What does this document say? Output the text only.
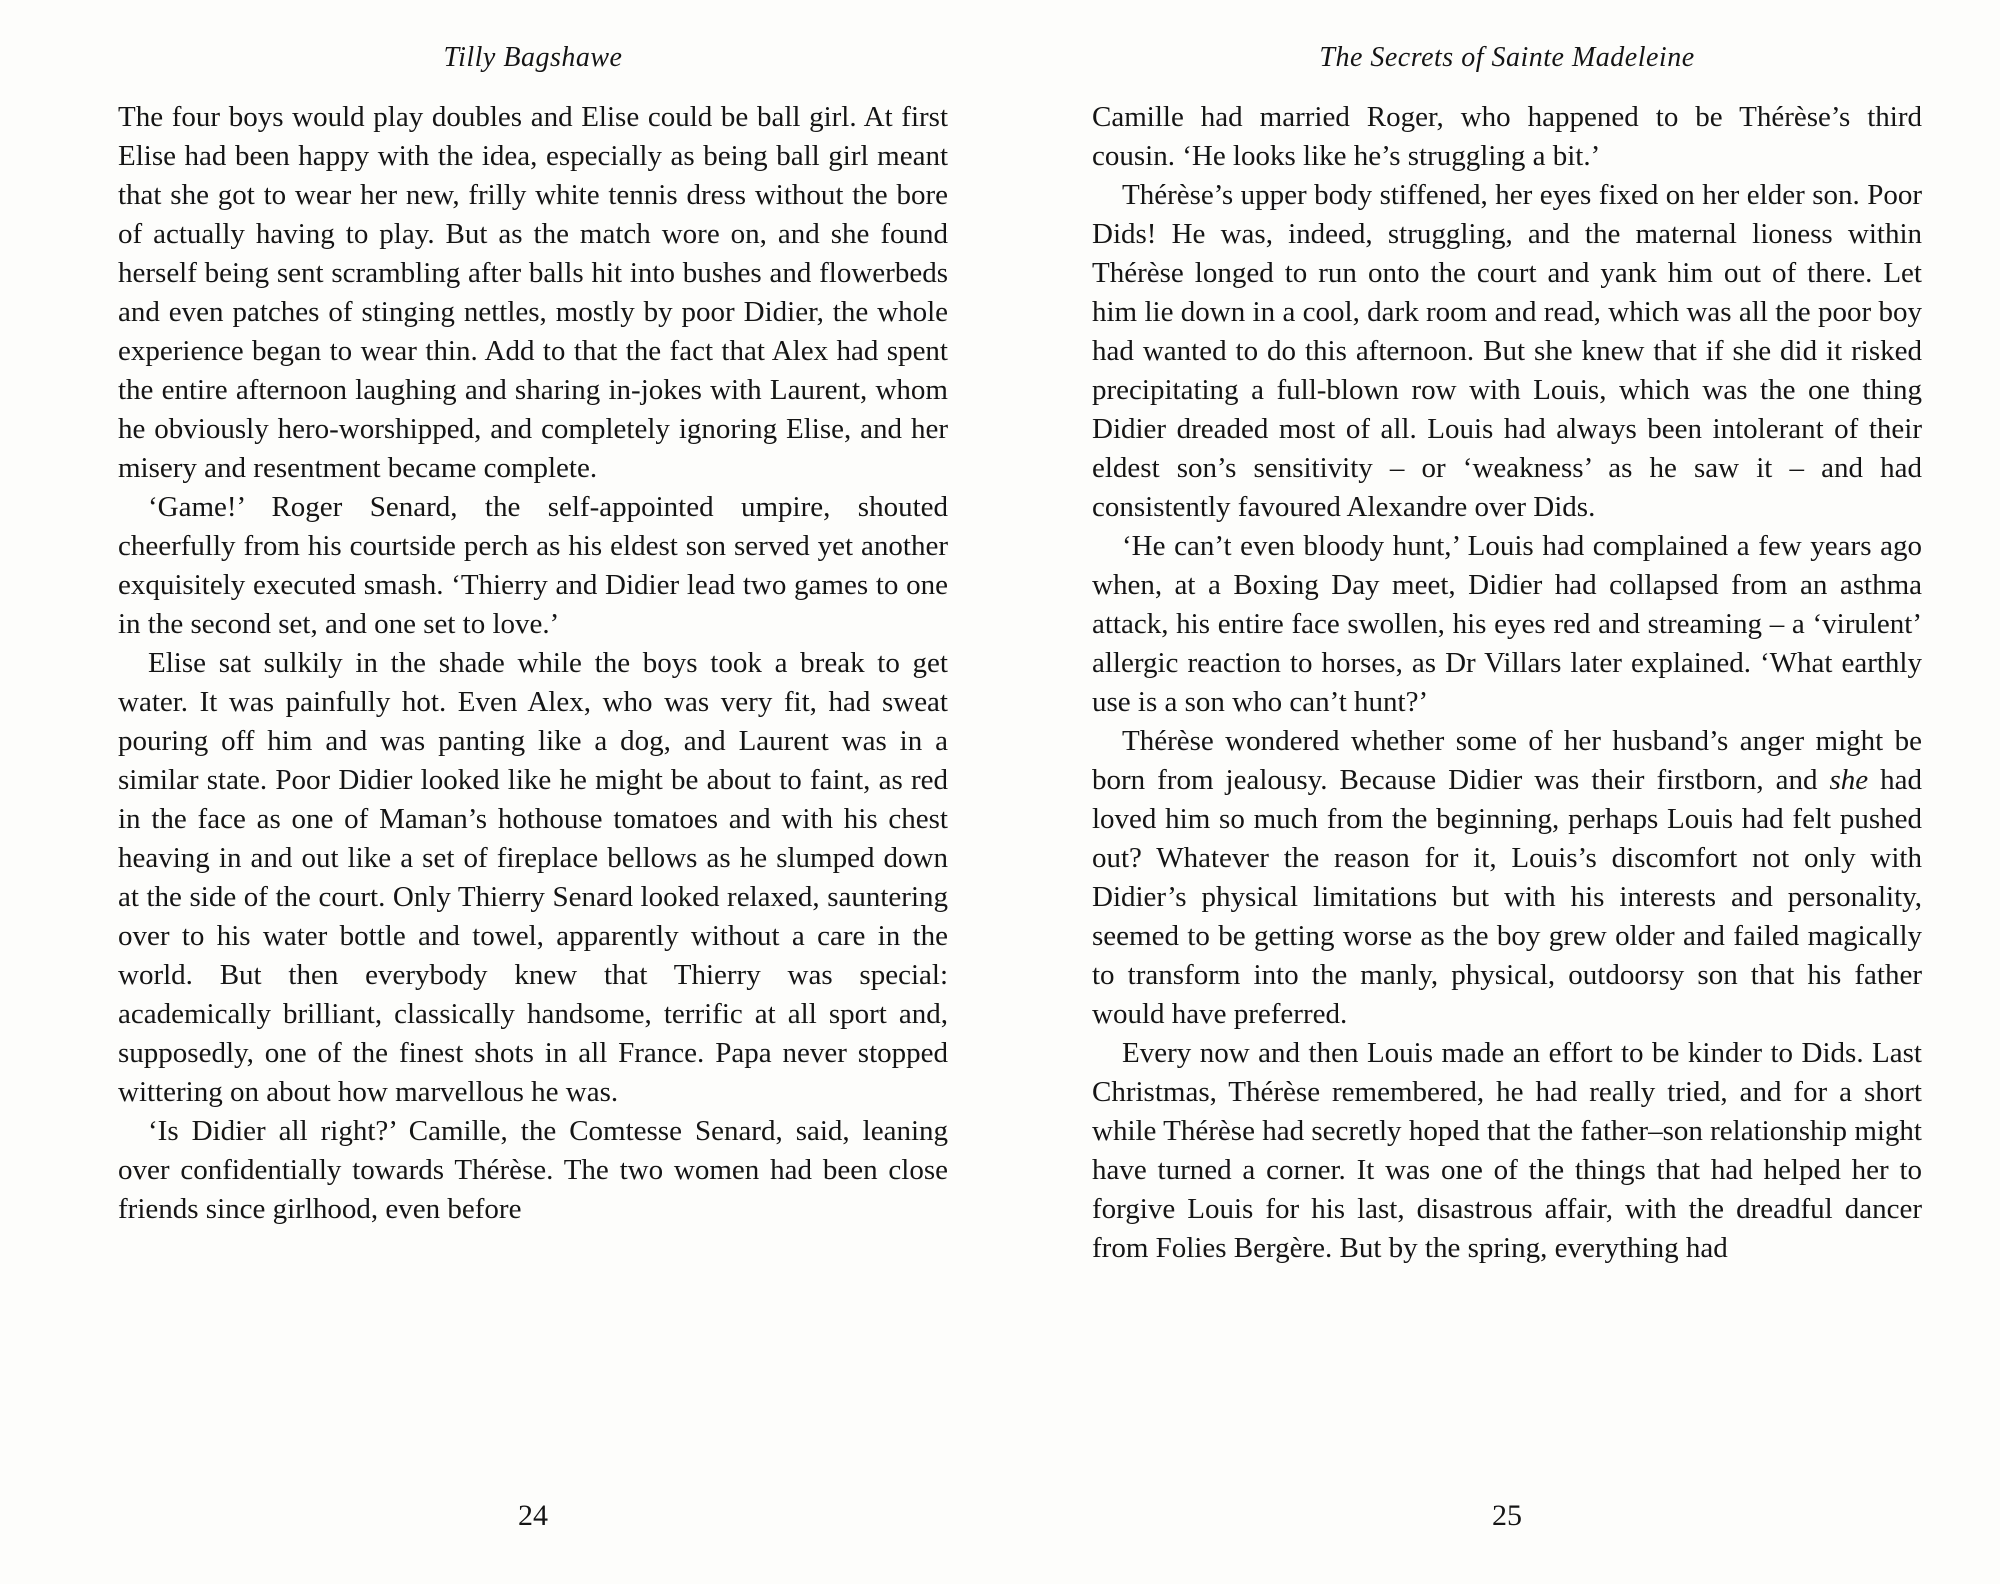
Tilly Bagshawe

The four boys would play doubles and Elise could be ball girl. At first Elise had been happy with the idea, especially as being ball girl meant that she got to wear her new, frilly white tennis dress without the bore of actually having to play. But as the match wore on, and she found herself being sent scrambling after balls hit into bushes and flowerbeds and even patches of stinging nettles, mostly by poor Didier, the whole experience began to wear thin. Add to that the fact that Alex had spent the entire afternoon laughing and sharing in-jokes with Laurent, whom he obviously hero-worshipped, and completely ignoring Elise, and her misery and resentment became complete.

‘Game!’ Roger Senard, the self-appointed umpire, shouted cheerfully from his courtside perch as his eldest son served yet another exquisitely executed smash. ‘Thierry and Didier lead two games to one in the second set, and one set to love.’

Elise sat sulkily in the shade while the boys took a break to get water. It was painfully hot. Even Alex, who was very fit, had sweat pouring off him and was panting like a dog, and Laurent was in a similar state. Poor Didier looked like he might be about to faint, as red in the face as one of Maman’s hothouse tomatoes and with his chest heaving in and out like a set of fireplace bellows as he slumped down at the side of the court. Only Thierry Senard looked relaxed, sauntering over to his water bottle and towel, apparently without a care in the world. But then everybody knew that Thierry was special: academically brilliant, classically handsome, terrific at all sport and, supposedly, one of the finest shots in all France. Papa never stopped wittering on about how marvellous he was.

‘Is Didier all right?’ Camille, the Comtesse Senard, said, leaning over confidentially towards Thérèse. The two women had been close friends since girlhood, even before

24
The Secrets of Sainte Madeleine

Camille had married Roger, who happened to be Thérèse’s third cousin. ‘He looks like he’s struggling a bit.’

Thérèse’s upper body stiffened, her eyes fixed on her elder son. Poor Dids! He was, indeed, struggling, and the maternal lioness within Thérèse longed to run onto the court and yank him out of there. Let him lie down in a cool, dark room and read, which was all the poor boy had wanted to do this afternoon. But she knew that if she did it risked precipitating a full-blown row with Louis, which was the one thing Didier dreaded most of all. Louis had always been intolerant of their eldest son’s sensitivity – or ‘weakness’ as he saw it – and had consistently favoured Alexandre over Dids.

‘He can’t even bloody hunt,’ Louis had complained a few years ago when, at a Boxing Day meet, Didier had collapsed from an asthma attack, his entire face swollen, his eyes red and streaming – a ‘virulent’ allergic reaction to horses, as Dr Villars later explained. ‘What earthly use is a son who can’t hunt?’

Thérèse wondered whether some of her husband’s anger might be born from jealousy. Because Didier was their firstborn, and she had loved him so much from the beginning, perhaps Louis had felt pushed out? Whatever the reason for it, Louis’s discomfort not only with Didier’s physical limitations but with his interests and personality, seemed to be getting worse as the boy grew older and failed magically to transform into the manly, physical, outdoorsy son that his father would have preferred.

Every now and then Louis made an effort to be kinder to Dids. Last Christmas, Thérèse remembered, he had really tried, and for a short while Thérèse had secretly hoped that the father–son relationship might have turned a corner. It was one of the things that had helped her to forgive Louis for his last, disastrous affair, with the dreadful dancer from Folies Bergère. But by the spring, everything had

25
